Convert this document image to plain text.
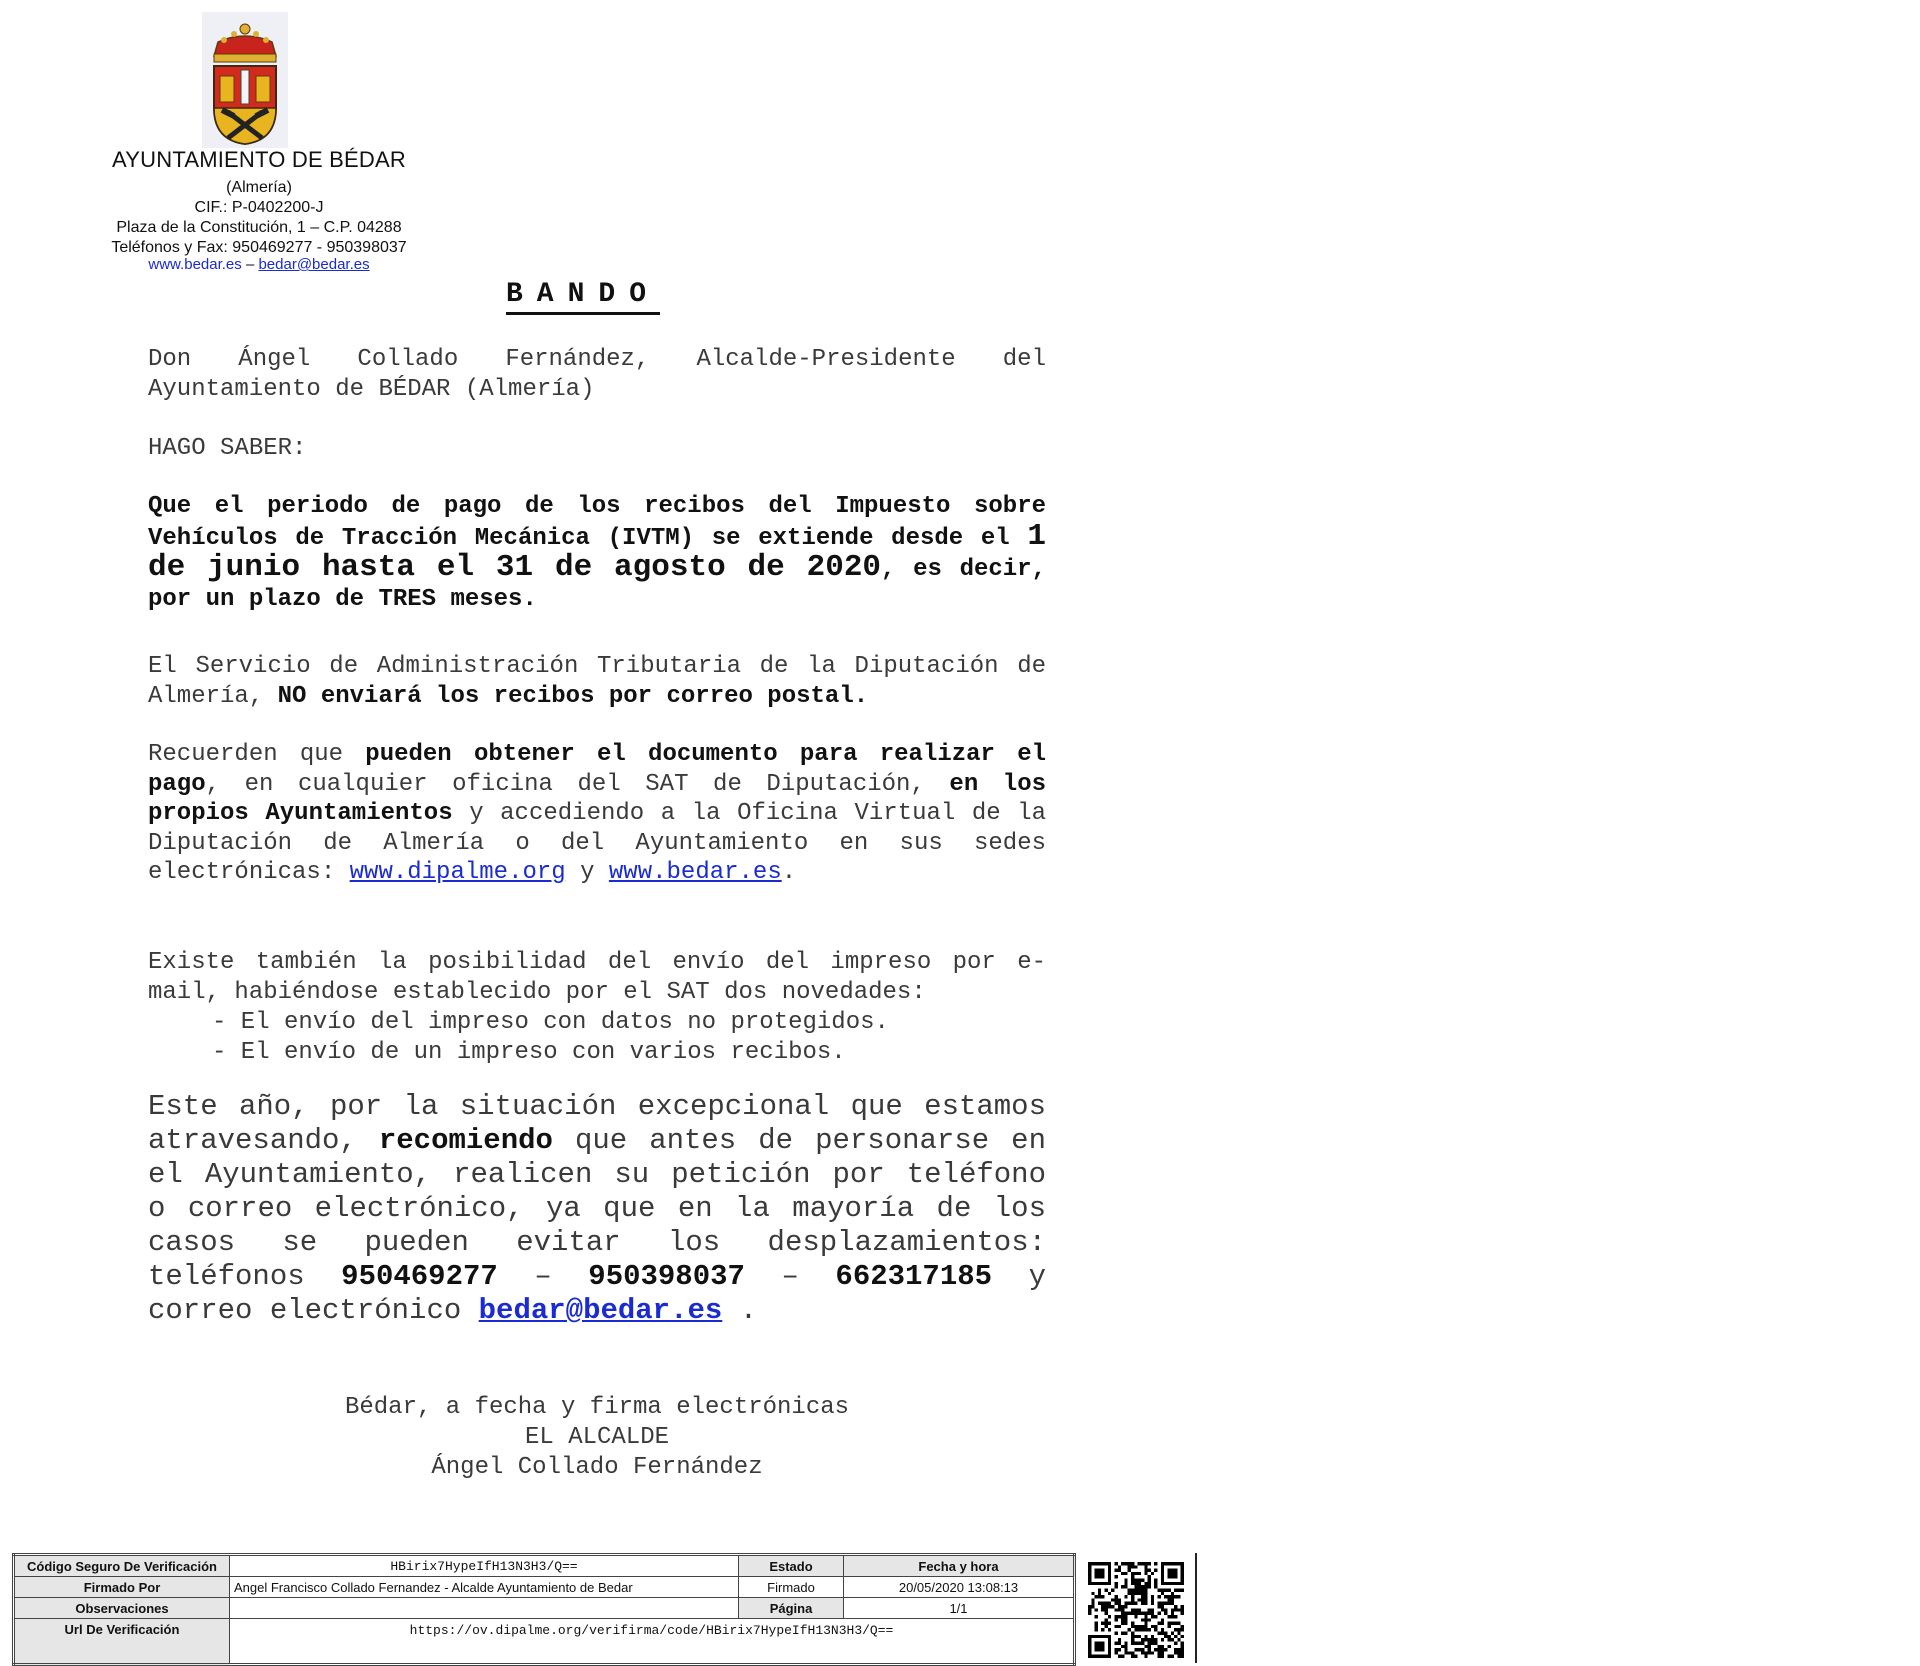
AYUNTAMIENTO DE BÉDAR
(Almería)
CIF.: P-0402200-J
Plaza de la Constitución, 1 – C.P. 04288
Teléfonos y Fax: 950469277 - 950398037
www.bedar.es – bedar@bedar.es
BANDO
Don Ángel Collado Fernández, Alcalde-Presidente del Ayuntamiento de BÉDAR (Almería)
HAGO SABER:
Que el periodo de pago de los recibos del Impuesto sobre Vehículos de Tracción Mecánica (IVTM) se extiende desde el 1 de junio hasta el 31 de agosto de 2020, es decir, por un plazo de TRES meses.
El Servicio de Administración Tributaria de la Diputación de Almería, NO enviará los recibos por correo postal.
Recuerden que pueden obtener el documento para realizar el pago, en cualquier oficina del SAT de Diputación, en los propios Ayuntamientos y accediendo a la Oficina Virtual de la Diputación de Almería o del Ayuntamiento en sus sedes electrónicas: www.dipalme.org y www.bedar.es.
Existe también la posibilidad del envío del impreso por e-mail, habiéndose establecido por el SAT dos novedades:
- El envío del impreso con datos no protegidos.
- El envío de un impreso con varios recibos.
Este año, por la situación excepcional que estamos atravesando, recomiendo que antes de personarse en el Ayuntamiento, realicen su petición por teléfono o correo electrónico, ya que en la mayoría de los casos se pueden evitar los desplazamientos: teléfonos 950469277 – 950398037 – 662317185 y correo electrónico bedar@bedar.es .
Bédar, a fecha y firma electrónicas
EL ALCALDE
Ángel Collado Fernández
Código Seguro De Verificación	HBirix7HypeIfH13N3H3/Q==	Estado	Fecha y hora
Firmado Por	Angel Francisco Collado Fernandez - Alcalde Ayuntamiento de Bedar	Firmado	20/05/2020 13:08:13
Observaciones		Página	1/1
Url De Verificación	https://ov.dipalme.org/verifirma/code/HBirix7HypeIfH13N3H3/Q==		
